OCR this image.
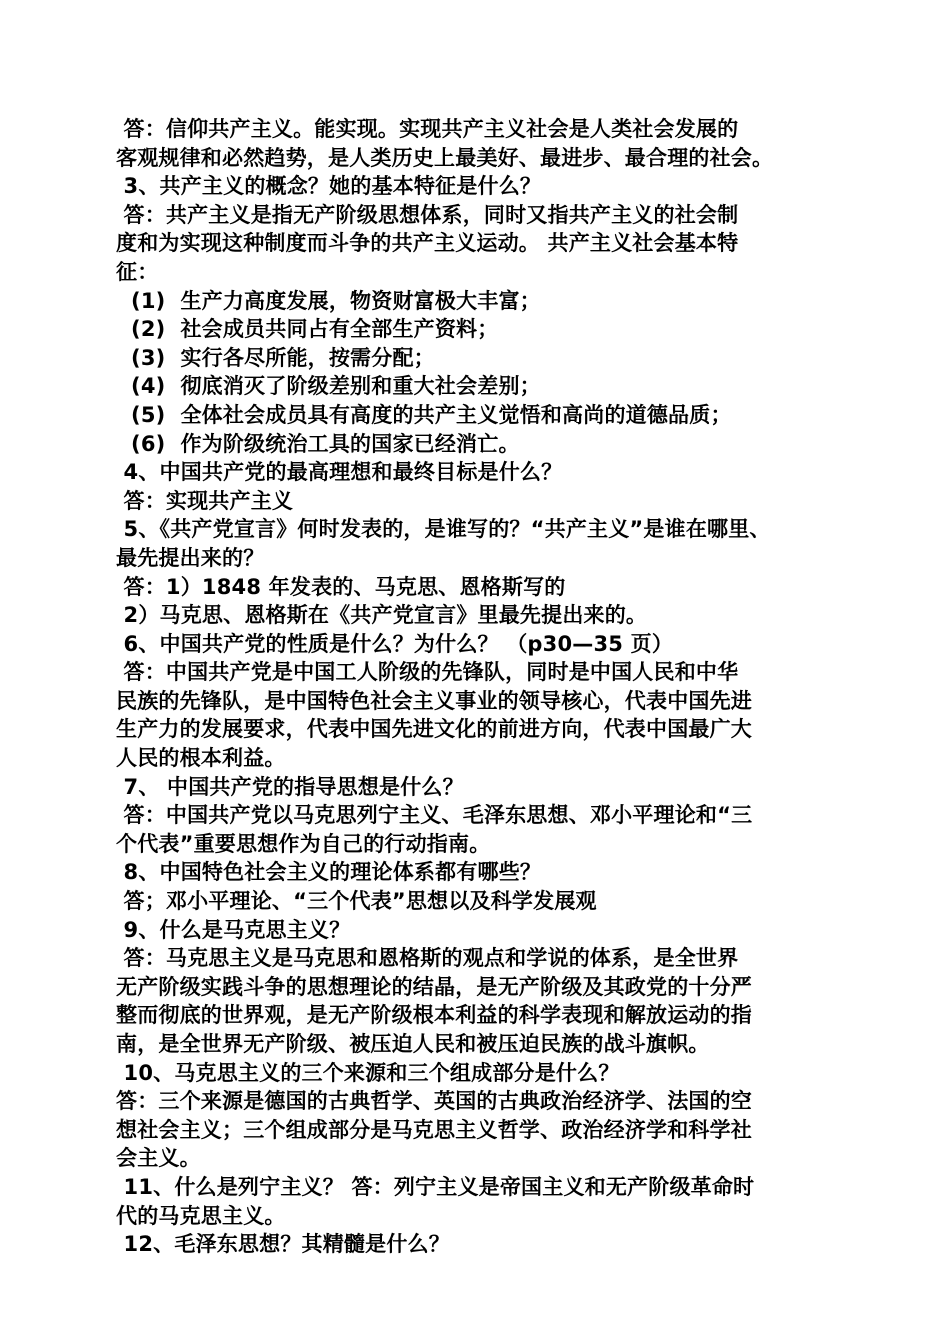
答：信仰共产主义。能实现。实现共产主义社会是人类社会发展的
客观规律和必然趋势，是人类历史上最美好、最进步、最合理的社会。
3、共产主义的概念？她的基本特征是什么？
答：共产主义是指无产阶级思想体系，同时又指共产主义的社会制
度和为实现这种制度而斗争的共产主义运动。 共产主义社会基本特
征：
(1)  生产力高度发展，物资财富极大丰富；
(2)  社会成员共同占有全部生产资料；
(3)  实行各尽所能，按需分配；
(4)  彻底消灭了阶级差别和重大社会差别；
(5)  全体社会成员具有高度的共产主义觉悟和高尚的道德品质；
(6)  作为阶级统治工具的国家已经消亡。
4、中国共产党的最高理想和最终目标是什么？
答：实现共产主义
5、《共产党宣言》何时发表的，是谁写的？“共产主义”是谁在哪里、
最先提出来的？
答：1）1848 年发表的、马克思、恩格斯写的
2）马克思、恩格斯在《共产党宣言》里最先提出来的。
6、中国共产党的性质是什么？为什么？ （p30—35 页）
答：中国共产党是中国工人阶级的先锋队，同时是中国人民和中华
民族的先锋队，是中国特色社会主义事业的领导核心，代表中国先进
生产力的发展要求，代表中国先进文化的前进方向，代表中国最广大
人民的根本利益。
7、 中国共产党的指导思想是什么？
答：中国共产党以马克思列宁主义、毛泽东思想、邓小平理论和“三
个代表”重要思想作为自己的行动指南。
8、中国特色社会主义的理论体系都有哪些？
答；邓小平理论、“三个代表”思想以及科学发展观
9、什么是马克思主义？
答：马克思主义是马克思和恩格斯的观点和学说的体系，是全世界
无产阶级实践斗争的思想理论的结晶，是无产阶级及其政党的十分严
整而彻底的世界观，是无产阶级根本利益的科学表现和解放运动的指
南，是全世界无产阶级、被压迫人民和被压迫民族的战斗旗帜。
10、马克思主义的三个来源和三个组成部分是什么？
答：三个来源是德国的古典哲学、英国的古典政治经济学、法国的空
想社会主义；三个组成部分是马克思主义哲学、政治经济学和科学社
会主义。
11、什么是列宁主义？ 答：列宁主义是帝国主义和无产阶级革命时
代的马克思主义。
12、毛泽东思想？其精髓是什么？
